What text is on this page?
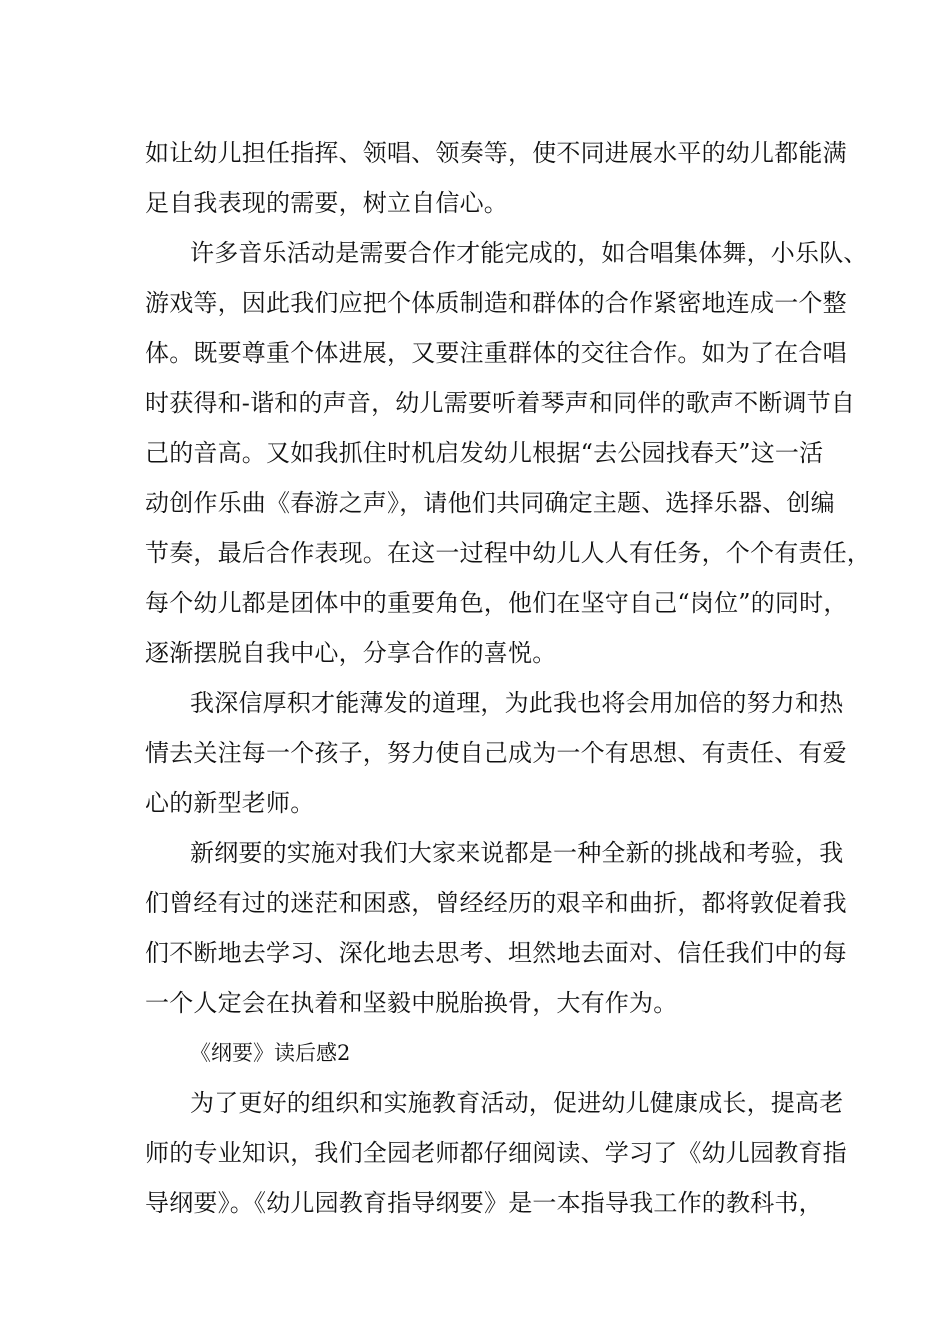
如让幼儿担任指挥、领唱、领奏等，使不同进展水平的幼儿都能满
足自我表现的需要，树立自信心。
许多音乐活动是需要合作才能完成的，如合唱集体舞，小乐队、
游戏等，因此我们应把个体质制造和群体的合作紧密地连成一个整
体。既要尊重个体进展，又要注重群体的交往合作。如为了在合唱
时获得和-谐和的声音，幼儿需要听着琴声和同伴的歌声不断调节自
己的音高。又如我抓住时机启发幼儿根据“去公园找春天”这一活
动创作乐曲《春游之声》，请他们共同确定主题、选择乐器、创编
节奏，最后合作表现。在这一过程中幼儿人人有任务，个个有责任，
每个幼儿都是团体中的重要角色，他们在坚守自己“岗位”的同时，
逐渐摆脱自我中心，分享合作的喜悦。
我深信厚积才能薄发的道理，为此我也将会用加倍的努力和热
情去关注每一个孩子，努力使自己成为一个有思想、有责任、有爱
心的新型老师。
新纲要的实施对我们大家来说都是一种全新的挑战和考验，我
们曾经有过的迷茫和困惑，曾经经历的艰辛和曲折，都将敦促着我
们不断地去学习、深化地去思考、坦然地去面对、信任我们中的每
一个人定会在执着和坚毅中脱胎换骨，大有作为。
《纲要》读后感2
为了更好的组织和实施教育活动，促进幼儿健康成长，提高老
师的专业知识，我们全园老师都仔细阅读、学习了《幼儿园教育指
导纲要》。《幼儿园教育指导纲要》是一本指导我工作的教科书，
